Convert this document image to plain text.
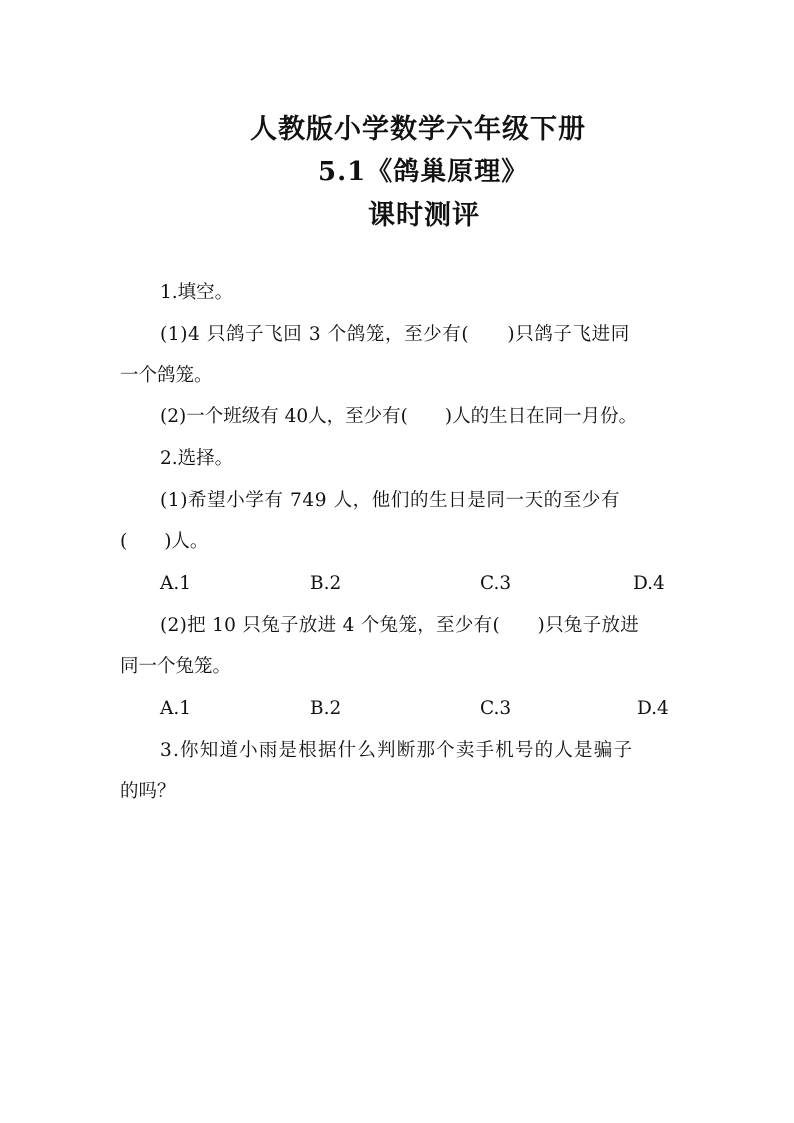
人教版小学数学六年级下册
5.1《鸽巢原理》
课时测评
1.填空。
(1)4 只鸽子飞回 3 个鸽笼，至少有(　　)只鸽子飞进同
一个鸽笼。
(2)一个班级有 40人，至少有(　　)人的生日在同一月份。
2.选择。
(1)希望小学有 749 人，他们的生日是同一天的至少有
(　　)人。
A.1	B.2	C.3	D.4
(2)把 10 只兔子放进 4 个兔笼，至少有(　　)只兔子放进
同一个兔笼。
A.1	B.2	C.3	D.4
3.你知道小雨是根据什么判断那个卖手机号的人是骗子
的吗？
